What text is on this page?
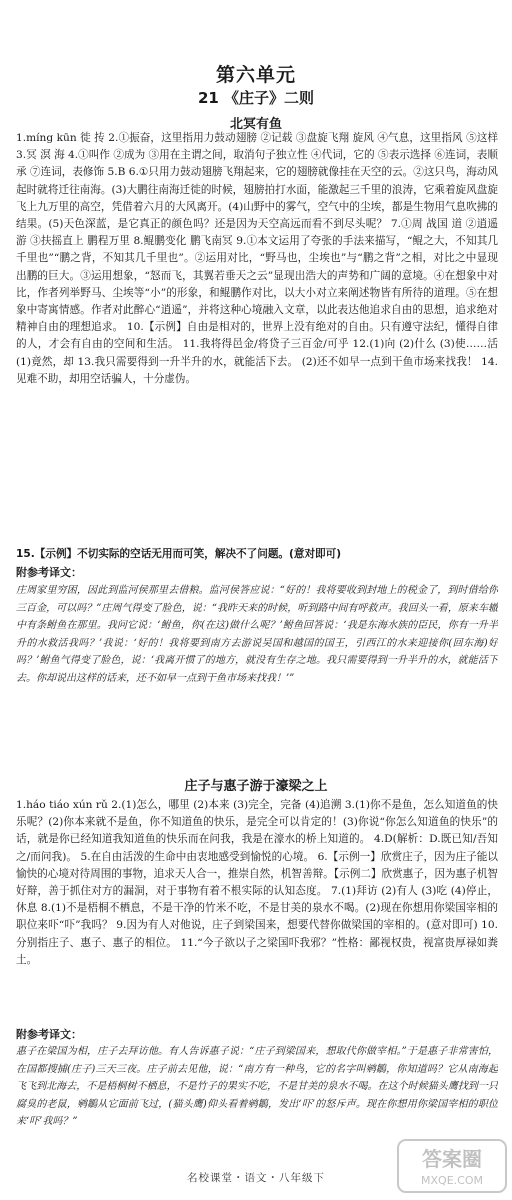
第六单元
21 《庄子》二则
北冥有鱼
1.míng kūn 徙 抟 2.①振奋，这里指用力鼓动翅膀 ②记载 ③盘旋飞翔 旋风 ④气息，这里指风 ⑤这样 3.冥 溟 海 4.①叫作 ②成为 ③用在主谓之间，取消句子独立性 ④代词，它的 ⑤表示选择 ⑥连词，表顺承 ⑦连词，表修饰 5.B 6.①只用力鼓动翅膀飞翔起来，它的翅膀就像挂在天空的云。②这只鸟，海动风起时就将迁往南海。(3)大鹏往南海迁徙的时候，翅膀拍打水面，能激起三千里的浪涛，它乘着旋风盘旋飞上九万里的高空，凭借着六月的大风离开。(4)山野中的雾气，空气中的尘埃，都是生物用气息吹拂的结果。(5)天色深蓝，是它真正的颜色吗？还是因为天空高远而看不到尽头呢？ 7.①周 战国 道 ②逍遥游 ③扶摇直上 鹏程万里 8.鲲鹏变化 鹏飞南冥 9.①本文运用了夸张的手法来描写，“鲲之大，不知其几千里也”“鹏之背，不知其几千里也”。②运用对比，“野马也，尘埃也”与“鹏之背”之相，对比之中显现出鹏的巨大。③运用想象，“怒而飞，其翼若垂天之云”显现出浩大的声势和广阔的意境。④在想象中对比，作者列举野马、尘埃等“小”的形象，和鲲鹏作对比，以大小对立来阐述物皆有所待的道理。⑤在想象中寄寓情感。作者对此醉心“逍遥”，并将这种心境融入文章，以此表达他追求自由的思想，追求绝对精神自由的理想追求。 10.【示例】自由是相对的，世界上没有绝对的自由。只有遵守法纪，懂得自律的人，才会有自由的空间和生活。 11.我将得邑金/将贷子三百金/可乎 12.(1)向 (2)什么 (3)使……活 (1)竟然，却 13.我只需要得到一升半升的水，就能活下去。 (2)还不如早一点到干鱼市场来找我！ 14.见难不助，却用空话骗人，十分虚伪。
15.【示例】不切实际的空话无用而可笑，解决不了问题。(意对即可)
附参考译文：
庄周家里穷困，因此到监河侯那里去借粮。监河侯答应说：“好的！我将要收到封地上的税金了，到时借给你三百金，可以吗？”庄周气得变了脸色，说：“我昨天来的时候，听到路中间有呼救声。我回头一看，原来车辙中有条鲋鱼在那里。我问它说：‘鲋鱼，你(在这)做什么呢？’鲋鱼回答说：‘我是东海水族的臣民，你有一升半升的水救活我吗？’我说：‘好的！我将要到南方去游说吴国和越国的国王，引西江的水来迎接你(回东海)好吗？’鲋鱼气得变了脸色，说：‘我离开惯了的地方，就没有生存之地。我只需要得到一升半升的水，就能活下去。你却说出这样的话来，还不如早一点到干鱼市场来找我！’”
庄子与惠子游于濠梁之上
1.háo tiáo xún rǔ 2.(1)怎么，哪里 (2)本来 (3)完全，完备 (4)追溯 3.(1)你不是鱼，怎么知道鱼的快乐呢？(2)你本来就不是鱼，你不知道鱼的快乐，是完全可以肯定的！(3)你说“你怎么知道鱼的快乐”的话，就是你已经知道我知道鱼的快乐而在问我，我是在濠水的桥上知道的。 4.D(解析：D.既已知/吾知之/而问我)。 5.在自由活泼的生命中由衷地感受到愉悦的心境。 6.【示例一】欣赏庄子，因为庄子能以愉快的心境对待周围的事物，追求天人合一，推崇自然，机智善辩。【示例二】欣赏惠子，因为惠子机智好辩，善于抓住对方的漏洞，对于事物有着不根实际的认知态度。 7.(1)拜访 (2)有人 (3)吃 (4)停止，休息 8.(1)不是梧桐不栖息，不是干净的竹米不吃，不是甘美的泉水不喝。(2)现在你想用你梁国宰相的职位来吓“吓”我吗？ 9.因为有人对他说，庄子到梁国来，想要代替你做梁国的宰相的。(意对即可) 10.分别指庄子、惠子、惠子的相位。 11.“今子欲以子之梁国吓我邪？”性格：鄙视权贵，视富贵厚禄如粪土。
附参考译文：
惠子在梁国为相，庄子去拜访他。有人告诉惠子说：“庄子到梁国来，想取代你做宰相。”于是惠子非常害怕，在国都搜捕(庄子)三天三夜。庄子前去见他，说：“南方有一种鸟，它的名字叫鹓鶵，你知道吗？它从南海起飞飞到北海去，不是梧桐树不栖息，不是竹子的果实不吃，不是甘美的泉水不喝。在这个时候猫头鹰找到一只腐臭的老鼠，鹓鶵从它面前飞过，(猫头鹰)仰头看着鹓鶵，发出‘吓’的怒斥声。现在你想用你梁国宰相的职位来‘吓’我吗？”
名校课堂・语文・八年级下
答案圈
MXQE.COM
